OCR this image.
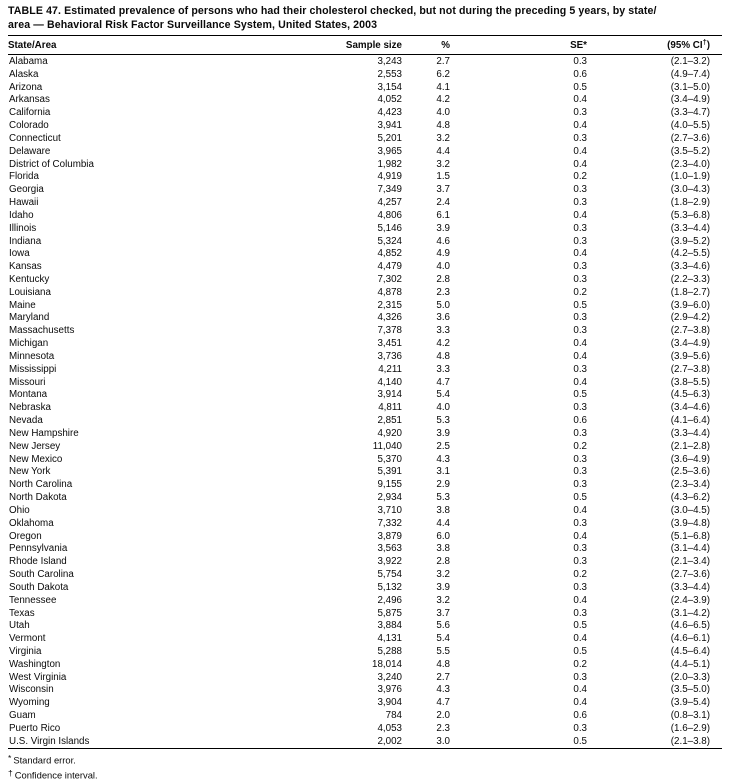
TABLE 47. Estimated prevalence of persons who had their cholesterol checked, but not during the preceding 5 years, by state/
area — Behavioral Risk Factor Surveillance System, United States, 2003
State/Area	Sample size	%	SE*	(95% CI†)
Alabama	3,243	2.7	0.3	(2.1–3.2)
Alaska	2,553	6.2	0.6	(4.9–7.4)
Arizona	3,154	4.1	0.5	(3.1–5.0)
Arkansas	4,052	4.2	0.4	(3.4–4.9)
California	4,423	4.0	0.3	(3.3–4.7)
Colorado	3,941	4.8	0.4	(4.0–5.5)
Connecticut	5,201	3.2	0.3	(2.7–3.6)
Delaware	3,965	4.4	0.4	(3.5–5.2)
District of Columbia	1,982	3.2	0.4	(2.3–4.0)
Florida	4,919	1.5	0.2	(1.0–1.9)
Georgia	7,349	3.7	0.3	(3.0–4.3)
Hawaii	4,257	2.4	0.3	(1.8–2.9)
Idaho	4,806	6.1	0.4	(5.3–6.8)
Illinois	5,146	3.9	0.3	(3.3–4.4)
Indiana	5,324	4.6	0.3	(3.9–5.2)
Iowa	4,852	4.9	0.4	(4.2–5.5)
Kansas	4,479	4.0	0.3	(3.3–4.6)
Kentucky	7,302	2.8	0.3	(2.2–3.3)
Louisiana	4,878	2.3	0.2	(1.8–2.7)
Maine	2,315	5.0	0.5	(3.9–6.0)
Maryland	4,326	3.6	0.3	(2.9–4.2)
Massachusetts	7,378	3.3	0.3	(2.7–3.8)
Michigan	3,451	4.2	0.4	(3.4–4.9)
Minnesota	3,736	4.8	0.4	(3.9–5.6)
Mississippi	4,211	3.3	0.3	(2.7–3.8)
Missouri	4,140	4.7	0.4	(3.8–5.5)
Montana	3,914	5.4	0.5	(4.5–6.3)
Nebraska	4,811	4.0	0.3	(3.4–4.6)
Nevada	2,851	5.3	0.6	(4.1–6.4)
New Hampshire	4,920	3.9	0.3	(3.3–4.4)
New Jersey	11,040	2.5	0.2	(2.1–2.8)
New Mexico	5,370	4.3	0.3	(3.6–4.9)
New York	5,391	3.1	0.3	(2.5–3.6)
North Carolina	9,155	2.9	0.3	(2.3–3.4)
North Dakota	2,934	5.3	0.5	(4.3–6.2)
Ohio	3,710	3.8	0.4	(3.0–4.5)
Oklahoma	7,332	4.4	0.3	(3.9–4.8)
Oregon	3,879	6.0	0.4	(5.1–6.8)
Pennsylvania	3,563	3.8	0.3	(3.1–4.4)
Rhode Island	3,922	2.8	0.3	(2.1–3.4)
South Carolina	5,754	3.2	0.2	(2.7–3.6)
South Dakota	5,132	3.9	0.3	(3.3–4.4)
Tennessee	2,496	3.2	0.4	(2.4–3.9)
Texas	5,875	3.7	0.3	(3.1–4.2)
Utah	3,884	5.6	0.5	(4.6–6.5)
Vermont	4,131	5.4	0.4	(4.6–6.1)
Virginia	5,288	5.5	0.5	(4.5–6.4)
Washington	18,014	4.8	0.2	(4.4–5.1)
West Virginia	3,240	2.7	0.3	(2.0–3.3)
Wisconsin	3,976	4.3	0.4	(3.5–5.0)
Wyoming	3,904	4.7	0.4	(3.9–5.4)
Guam	784	2.0	0.6	(0.8–3.1)
Puerto Rico	4,053	2.3	0.3	(1.6–2.9)
U.S. Virgin Islands	2,002	3.0	0.5	(2.1–3.8)
* Standard error.
† Confidence interval.
